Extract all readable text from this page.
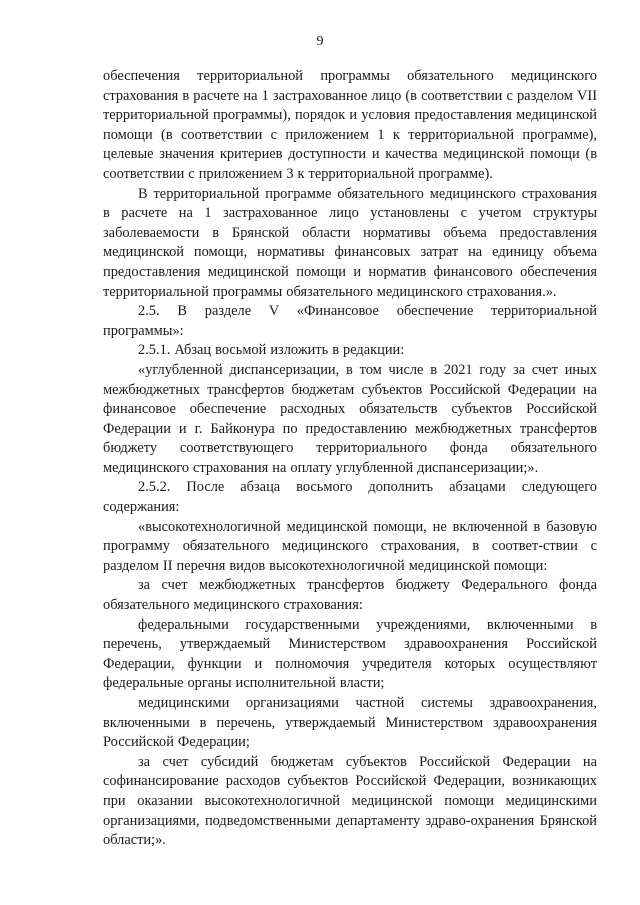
9

обеспечения территориальной программы обязательного медицинского страхования в расчете на 1 застрахованное лицо (в соответствии с разделом VII территориальной программы), порядок и условия предоставления медицинской помощи (в соответствии с приложением 1 к территориальной программе), целевые значения критериев доступности и качества медицинской помощи (в соответствии с приложением 3 к территориальной программе).

В территориальной программе обязательного медицинского страхования в расчете на 1 застрахованное лицо установлены с учетом структуры заболеваемости в Брянской области нормативы объема предоставления медицинской помощи, нормативы финансовых затрат на единицу объема предоставления медицинской помощи и норматив финансового обеспечения территориальной программы обязательного медицинского страхования.».

2.5. В разделе V «Финансовое обеспечение территориальной программы»:

2.5.1. Абзац восьмой изложить в редакции:

«углубленной диспансеризации, в том числе в 2021 году за счет иных межбюджетных трансфертов бюджетам субъектов Российской Федерации на финансовое обеспечение расходных обязательств субъектов Российской Федерации и г. Байконура по предоставлению межбюджетных трансфертов бюджету соответствующего территориального фонда обязательного медицинского страхования на оплату углубленной диспансеризации;».

2.5.2. После абзаца восьмого дополнить абзацами следующего содержания:

«высокотехнологичной медицинской помощи, не включенной в базовую программу обязательного медицинского страхования, в соответ-ствии с разделом II перечня видов высокотехнологичной медицинской помощи:

за счет межбюджетных трансфертов бюджету Федерального фонда обязательного медицинского страхования:

федеральными государственными учреждениями, включенными в перечень, утверждаемый Министерством здравоохранения Российской Федерации, функции и полномочия учредителя которых осуществляют федеральные органы исполнительной власти;

медицинскими организациями частной системы здравоохранения, включенными в перечень, утверждаемый Министерством здравоохранения Российской Федерации;

за счет субсидий бюджетам субъектов Российской Федерации на софинансирование расходов субъектов Российской Федерации, возникающих при оказании высокотехнологичной медицинской помощи медицинскими организациями, подведомственными департаменту здраво-охранения Брянской области;».
